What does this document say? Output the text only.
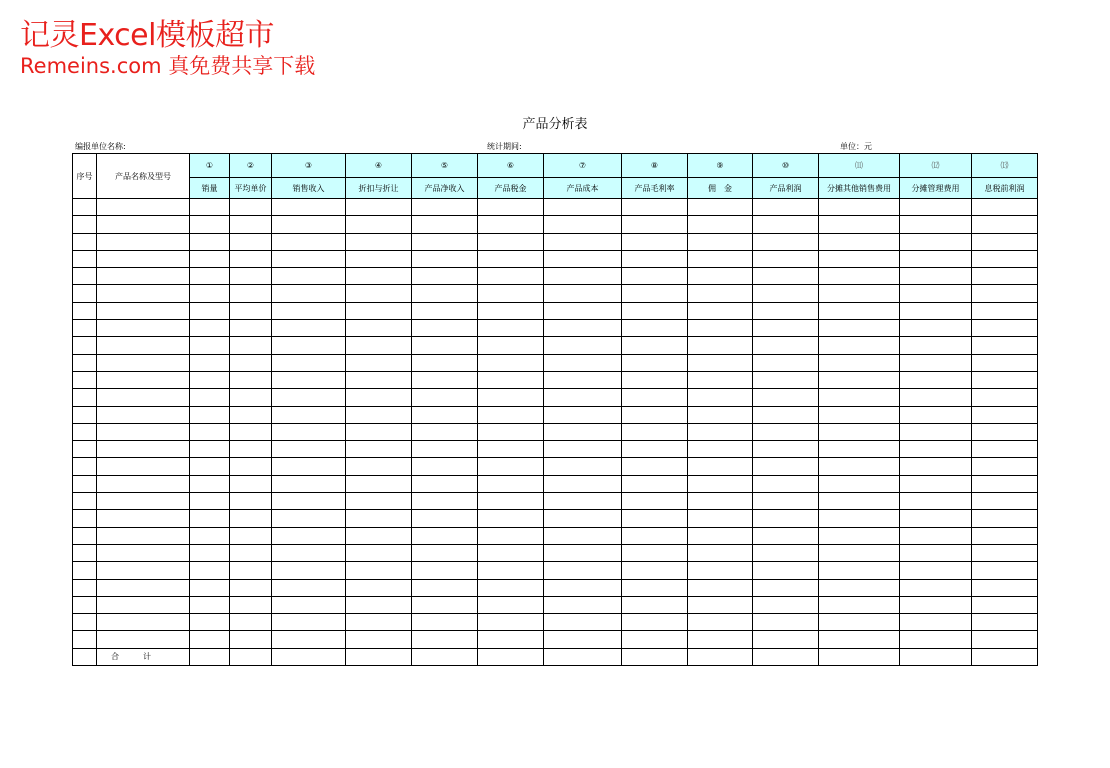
记灵Excel模板超市
Remeins.com 真免费共享下载
产品分析表
编报单位名称:	统计期间:	单位：元
序号	产品名称及型号	①	②	③	④	⑤	⑥	⑦	⑧	⑨	⑩	⑾	⑿	⒀
		销量	平均单价	销售收入	折扣与折让	产品净收入	产品税金	产品成本	产品毛利率	佣　金	产品利润	分摊其他销售费用	分摊管理费用	息税前利润

	合计													
